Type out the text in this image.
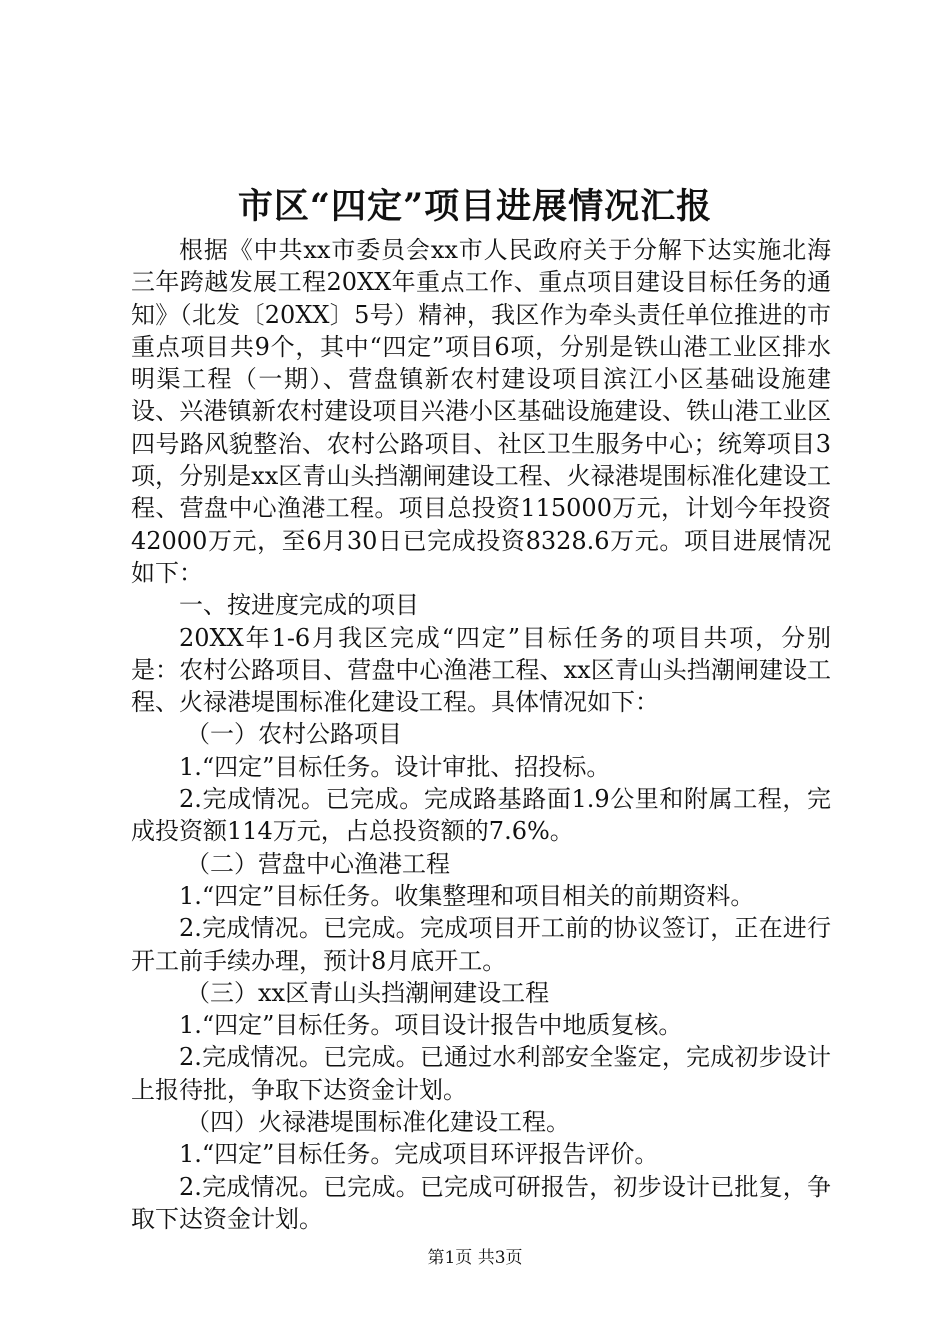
市区“四定”项目进展情况汇报

根据《中共xx市委员会xx市人民政府关于分解下达实施北海三年跨越发展工程20XX年重点工作、重点项目建设目标任务的通知》（北发〔20XX〕5号）精神，我区作为牵头责任单位推进的市重点项目共9个，其中“四定”项目6项，分别是铁山港工业区排水明渠工程（一期）、营盘镇新农村建设项目滨江小区基础设施建设、兴港镇新农村建设项目兴港小区基础设施建设、铁山港工业区四号路风貌整治、农村公路项目、社区卫生服务中心；统筹项目3项，分别是xx区青山头挡潮闸建设工程、火禄港堤围标准化建设工程、营盘中心渔港工程。项目总投资115000万元，计划今年投资42000万元，至6月30日已完成投资8328.6万元。项目进展情况如下：

一、按进度完成的项目

20XX年1-6月我区完成“四定”目标任务的项目共项，分别是：农村公路项目、营盘中心渔港工程、xx区青山头挡潮闸建设工程、火禄港堤围标准化建设工程。具体情况如下：

（一）农村公路项目

1.“四定”目标任务。设计审批、招投标。

2.完成情况。已完成。完成路基路面1.9公里和附属工程，完成投资额114万元，占总投资额的7.6%。

（二）营盘中心渔港工程

1.“四定”目标任务。收集整理和项目相关的前期资料。

2.完成情况。已完成。完成项目开工前的协议签订，正在进行开工前手续办理，预计8月底开工。

（三）xx区青山头挡潮闸建设工程

1.“四定”目标任务。项目设计报告中地质复核。

2.完成情况。已完成。已通过水利部安全鉴定，完成初步设计上报待批，争取下达资金计划。

（四）火禄港堤围标准化建设工程。

1.“四定”目标任务。完成项目环评报告评价。

2.完成情况。已完成。已完成可研报告，初步设计已批复，争取下达资金计划。

第1页 共3页
